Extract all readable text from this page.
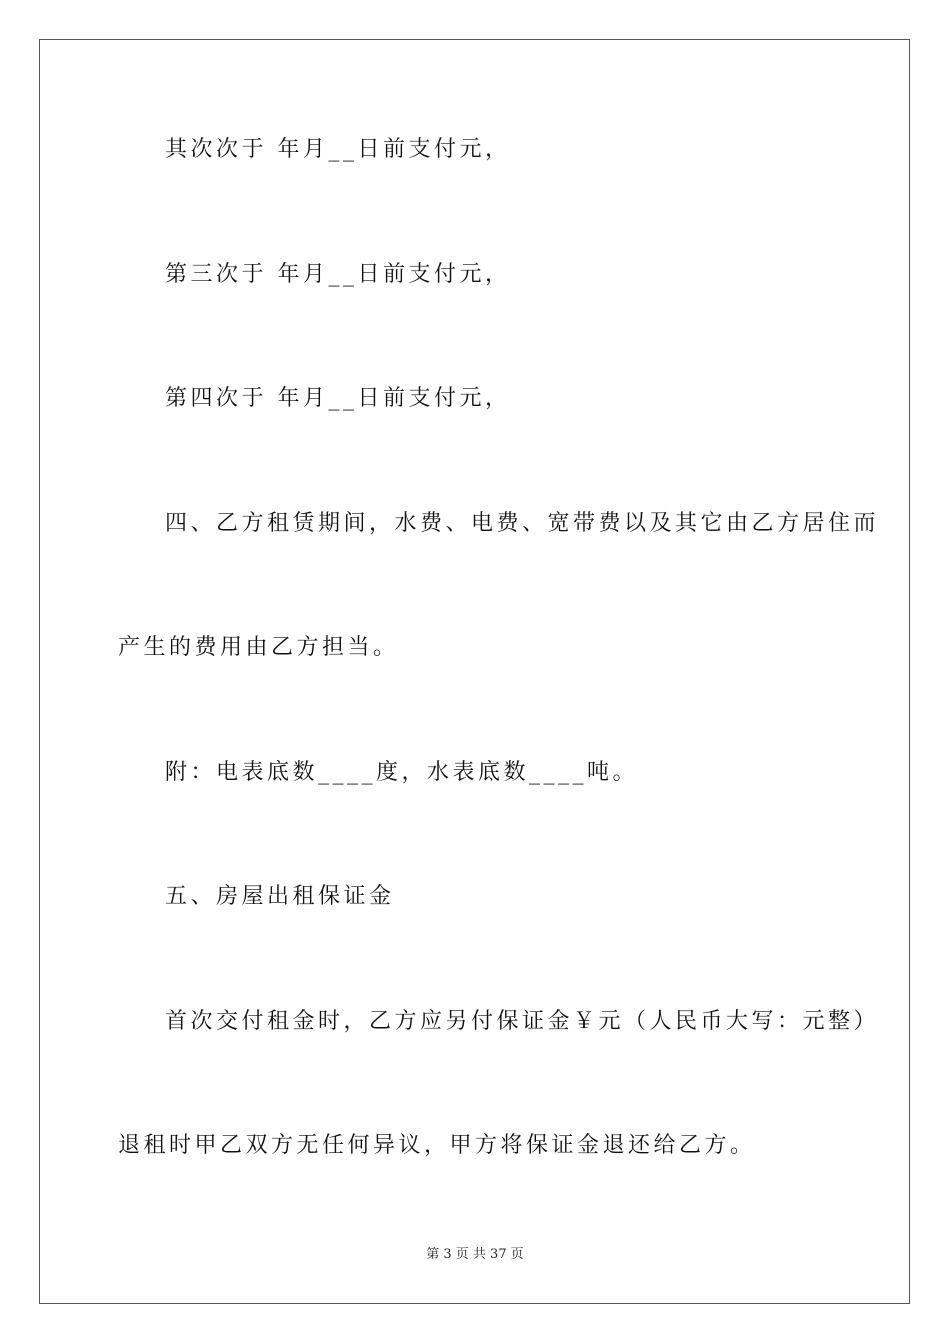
其次次于 年月__日前支付元，
第三次于 年月__日前支付元，
第四次于 年月__日前支付元，
四、乙方租赁期间，水费、电费、宽带费以及其它由乙方居住而
产生的费用由乙方担当。
附：电表底数____度，水表底数____吨。
五、房屋出租保证金
首次交付租金时，乙方应另付保证金￥元（人民币大写：元整）
退租时甲乙双方无任何异议，甲方将保证金退还给乙方。
第 3 页 共 37 页
